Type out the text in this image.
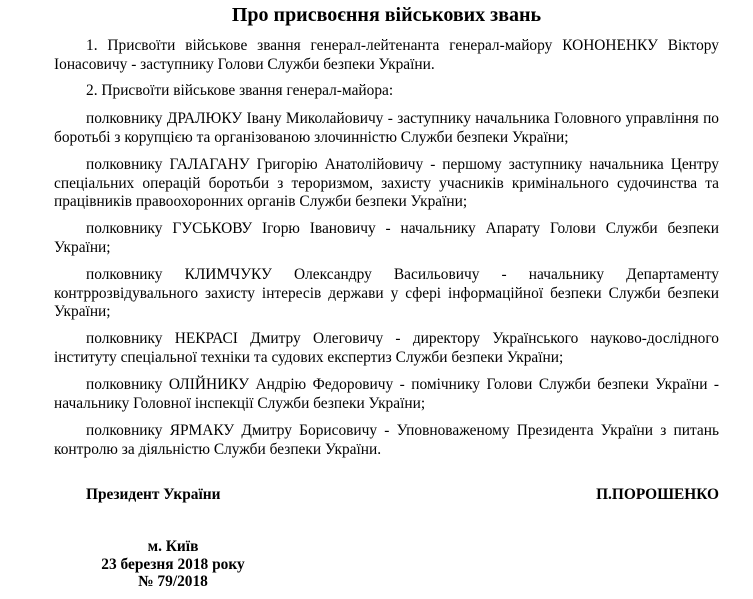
Про присвоєння військових звань

1. Присвоїти військове звання генерал-лейтенанта генерал-майору КОНОНЕНКУ Віктору Іонасовичу - заступнику Голови Служби безпеки України.

2. Присвоїти військове звання генерал-майора:

полковнику ДРАЛЮКУ Івану Миколайовичу - заступнику начальника Головного управління по боротьбі з корупцією та організованою злочинністю Служби безпеки України;

полковнику ГАЛАГАНУ Григорію Анатолійовичу - першому заступнику начальника Центру спеціальних операцій боротьби з тероризмом, захисту учасників кримінального судочинства та працівників правоохоронних органів Служби безпеки України;

полковнику ГУСЬКОВУ Ігорю Івановичу - начальнику Апарату Голови Служби безпеки України;

полковнику КЛИМЧУКУ Олександру Васильовичу - начальнику Департаменту контррозвідувального захисту інтересів держави у сфері інформаційної безпеки Служби безпеки України;

полковнику НЕКРАСІ Дмитру Олеговичу - директору Українського науково-дослідного інституту спеціальної техніки та судових експертиз Служби безпеки України;

полковнику ОЛІЙНИКУ Андрію Федоровичу - помічнику Голови Служби безпеки України - начальнику Головної інспекції Служби безпеки України;

полковнику ЯРМАКУ Дмитру Борисовичу - Уповноваженому Президента України з питань контролю за діяльністю Служби безпеки України.

Президент України	П.ПОРОШЕНКО

м. Київ
23 березня 2018 року
№ 79/2018
